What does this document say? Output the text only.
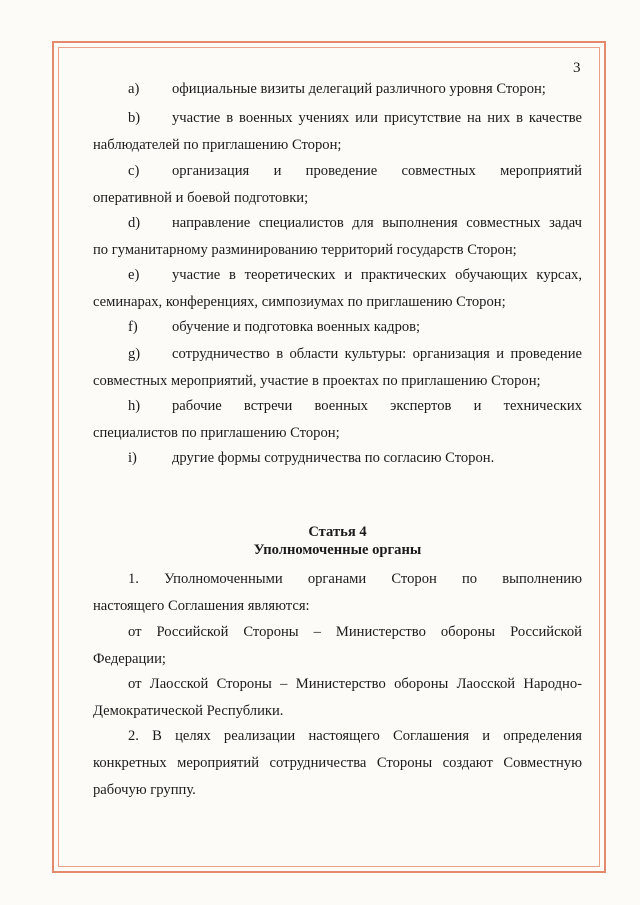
3

a) официальные визиты делегаций различного уровня Сторон;

b) участие в военных учениях или присутствие на них в качестве
наблюдателей по приглашению Сторон;

c) организация и проведение совместных мероприятий
оперативной и боевой подготовки;

d) направление специалистов для выполнения совместных задач
по гуманитарному разминированию территорий государств Сторон;

e) участие в теоретических и практических обучающих курсах,
семинарах, конференциях, симпозиумах по приглашению Сторон;

f) обучение и подготовка военных кадров;

g) сотрудничество в области культуры: организация и проведение
совместных мероприятий, участие в проектах по приглашению Сторон;

h) рабочие встречи военных экспертов и технических
специалистов по приглашению Сторон;

i) другие формы сотрудничества по согласию Сторон.

Статья 4
Уполномоченные органы

1. Уполномоченными органами Сторон по выполнению
настоящего Соглашения являются:

от Российской Стороны – Министерство обороны Российской
Федерации;

от Лаосской Стороны – Министерство обороны Лаосской Народно-
Демократической Республики.

2. В целях реализации настоящего Соглашения и определения
конкретных мероприятий сотрудничества Стороны создают Совместную
рабочую группу.
